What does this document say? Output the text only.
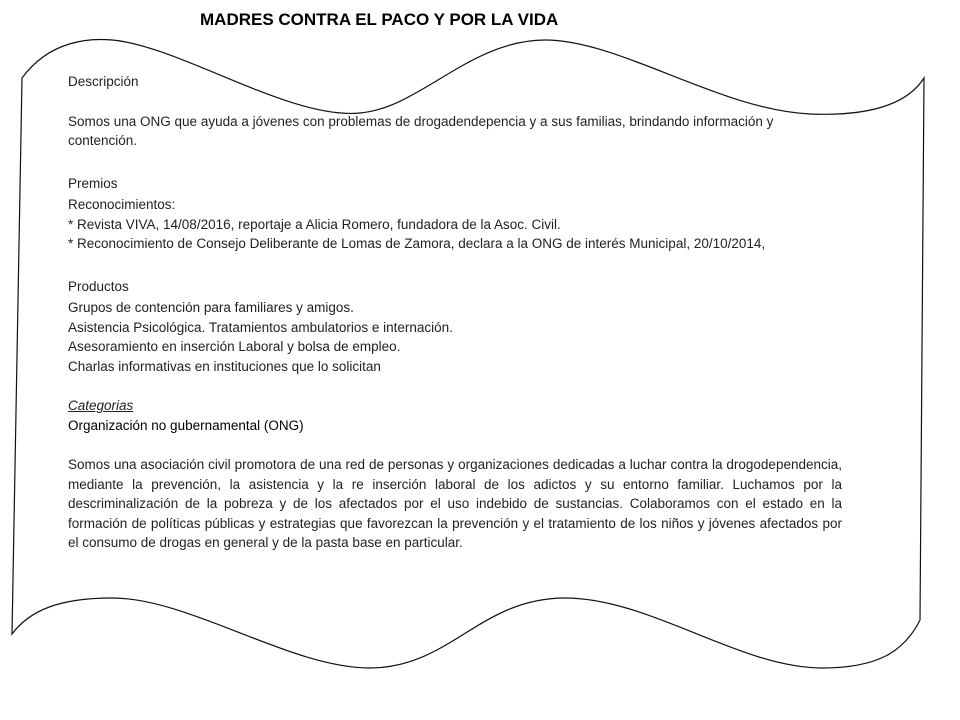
MADRES CONTRA EL PACO Y POR LA VIDA

Descripción

Somos una ONG que ayuda a jóvenes con problemas de drogadendepencia y a sus familias, brindando información y contención.

Premios

Reconocimientos:

* Revista VIVA, 14/08/2016, reportaje a Alicia Romero, fundadora de la Asoc. Civil.

* Reconocimiento de Consejo Deliberante de Lomas de Zamora, declara a la ONG de interés Municipal, 20/10/2014,

Productos

Grupos de contención para familiares y amigos.

Asistencia Psicológica. Tratamientos ambulatorios e internación.

Asesoramiento en inserción Laboral y bolsa de empleo.

Charlas informativas en instituciones que lo solicitan

Categorias

Organización no gubernamental (ONG)

Somos una asociación civil promotora de una red de personas y organizaciones dedicadas a luchar contra la drogodependencia, mediante la prevención, la asistencia y la re inserción laboral de los adictos y su entorno familiar. Luchamos por la descriminalización de la pobreza y de los afectados por el uso indebido de sustancias. Colaboramos con el estado en la formación de políticas públicas y estrategias que favorezcan la prevención y el tratamiento de los niños y jóvenes afectados por el consumo de drogas en general y de la pasta base en particular.
